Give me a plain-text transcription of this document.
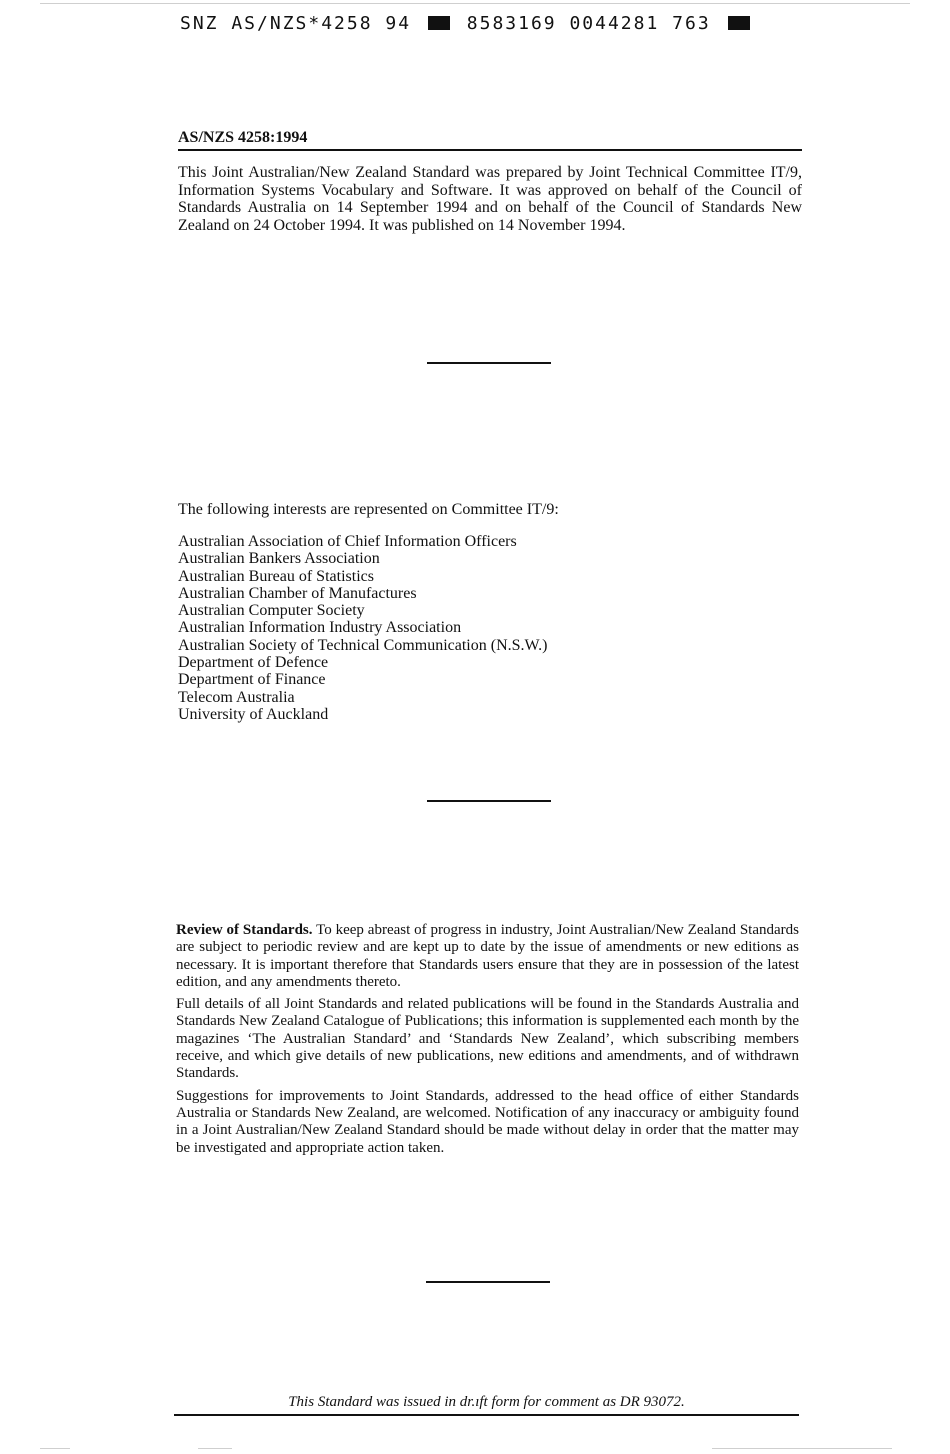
SNZ AS/NZS*4258 94	8583169 0044281 763
AS/NZS 4258:1994

This Joint Australian/New Zealand Standard was prepared by Joint Technical Committee IT/9, Information Systems Vocabulary and Software. It was approved on behalf of the Council of Standards Australia on 14 September 1994 and on behalf of the Council of Standards New Zealand on 24 October 1994. It was published on 14 November 1994.

The following interests are represented on Committee IT/9:
Australian Association of Chief Information Officers
Australian Bankers Association
Australian Bureau of Statistics
Australian Chamber of Manufactures
Australian Computer Society
Australian Information Industry Association
Australian Society of Technical Communication (N.S.W.)
Department of Defence
Department of Finance
Telecom Australia
University of Auckland

Review of Standards. To keep abreast of progress in industry, Joint Australian/New Zealand Standards are subject to periodic review and are kept up to date by the issue of amendments or new editions as necessary. It is important therefore that Standards users ensure that they are in possession of the latest edition, and any amendments thereto.

Full details of all Joint Standards and related publications will be found in the Standards Australia and Standards New Zealand Catalogue of Publications; this information is supplemented each month by the magazines ‘The Australian Standard’ and ‘Standards New Zealand’, which subscribing members receive, and which give details of new publications, new editions and amendments, and of withdrawn Standards.

Suggestions for improvements to Joint Standards, addressed to the head office of either Standards Australia or Standards New Zealand, are welcomed. Notification of any inaccuracy or ambiguity found in a Joint Australian/New Zealand Standard should be made without delay in order that the matter may be investigated and appropriate action taken.

This Standard was issued in dr.ıft form for comment as DR 93072.
